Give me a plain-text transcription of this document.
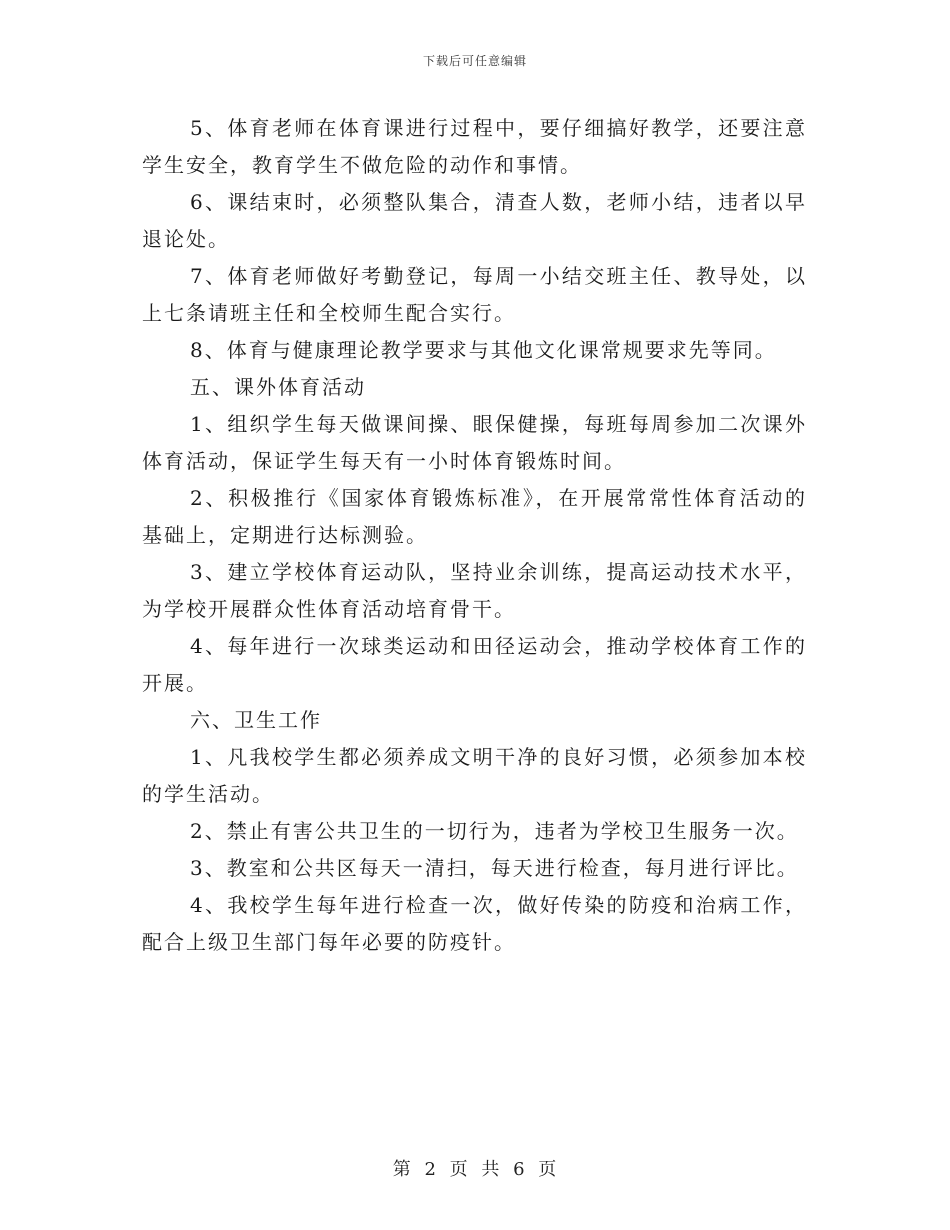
下载后可任意编辑

5、体育老师在体育课进行过程中，要仔细搞好教学，还要注意学生安全，教育学生不做危险的动作和事情。

6、课结束时，必须整队集合，清查人数，老师小结，违者以早退论处。

7、体育老师做好考勤登记，每周一小结交班主任、教导处，以上七条请班主任和全校师生配合实行。

8、体育与健康理论教学要求与其他文化课常规要求先等同。

五、课外体育活动

1、组织学生每天做课间操、眼保健操，每班每周参加二次课外体育活动，保证学生每天有一小时体育锻炼时间。

2、积极推行《国家体育锻炼标准》，在开展常常性体育活动的基础上，定期进行达标测验。

3、建立学校体育运动队，坚持业余训练，提高运动技术水平，为学校开展群众性体育活动培育骨干。

4、每年进行一次球类运动和田径运动会，推动学校体育工作的开展。

六、卫生工作

1、凡我校学生都必须养成文明干净的良好习惯，必须参加本校的学生活动。

2、禁止有害公共卫生的一切行为，违者为学校卫生服务一次。

3、教室和公共区每天一清扫，每天进行检查，每月进行评比。

4、我校学生每年进行检查一次，做好传染的防疫和治病工作，配合上级卫生部门每年必要的防疫针。

第 2 页 共 6 页
